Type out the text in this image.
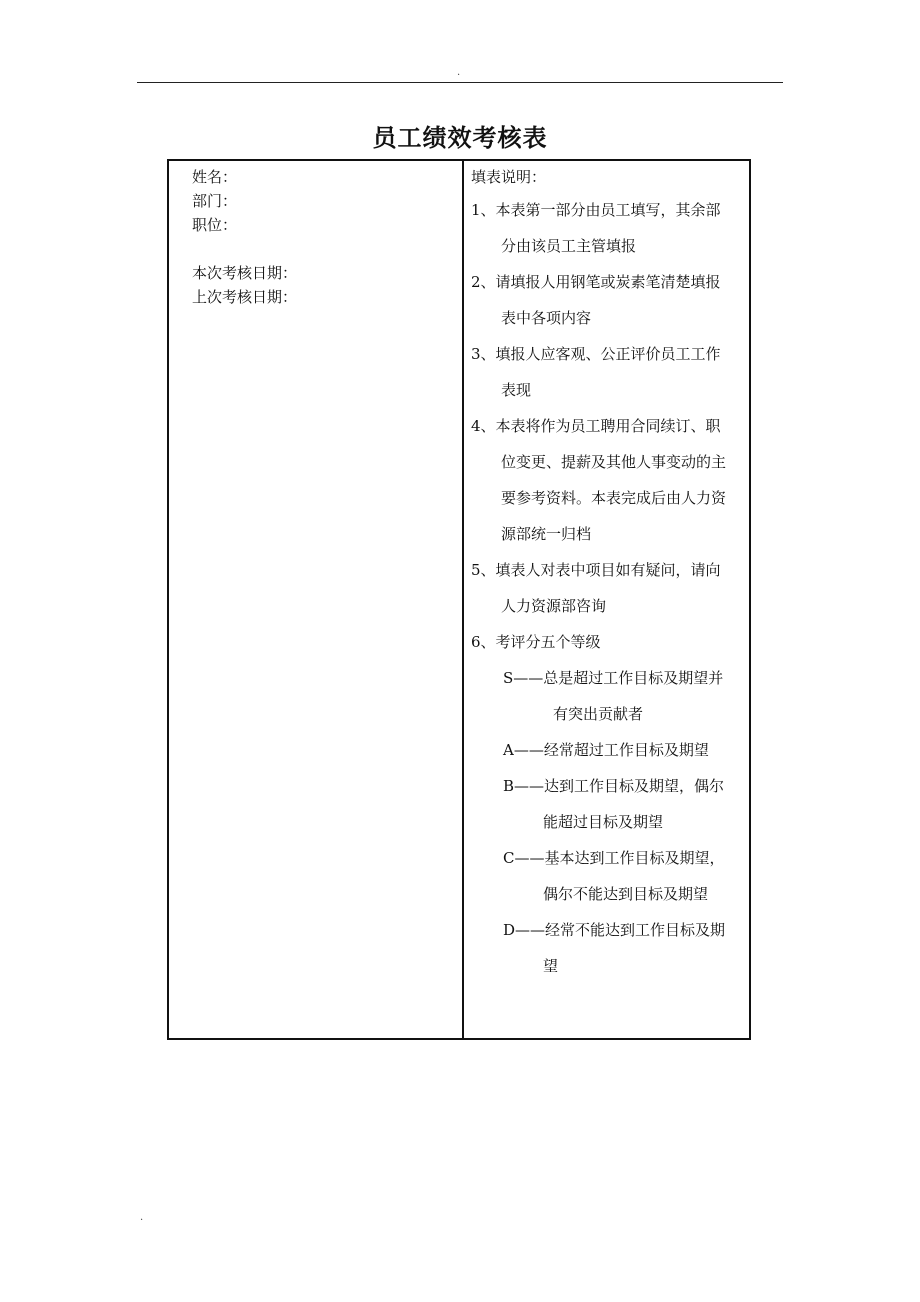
.
员工绩效考核表
姓名：
部门：
职位：
本次考核日期：
上次考核日期：
填表说明：
1、本表第一部分由员工填写，其余部
分由该员工主管填报
2、请填报人用钢笔或炭素笔清楚填报
表中各项内容
3、填报人应客观、公正评价员工工作
表现
4、本表将作为员工聘用合同续订、职
位变更、提薪及其他人事变动的主
要参考资料。本表完成后由人力资
源部统一归档
5、填表人对表中项目如有疑问，请向
人力资源部咨询
6、考评分五个等级
S——总是超过工作目标及期望并
有突出贡献者
A——经常超过工作目标及期望
B——达到工作目标及期望，偶尔
能超过目标及期望
C——基本达到工作目标及期望，
偶尔不能达到目标及期望
D——经常不能达到工作目标及期
望
.
